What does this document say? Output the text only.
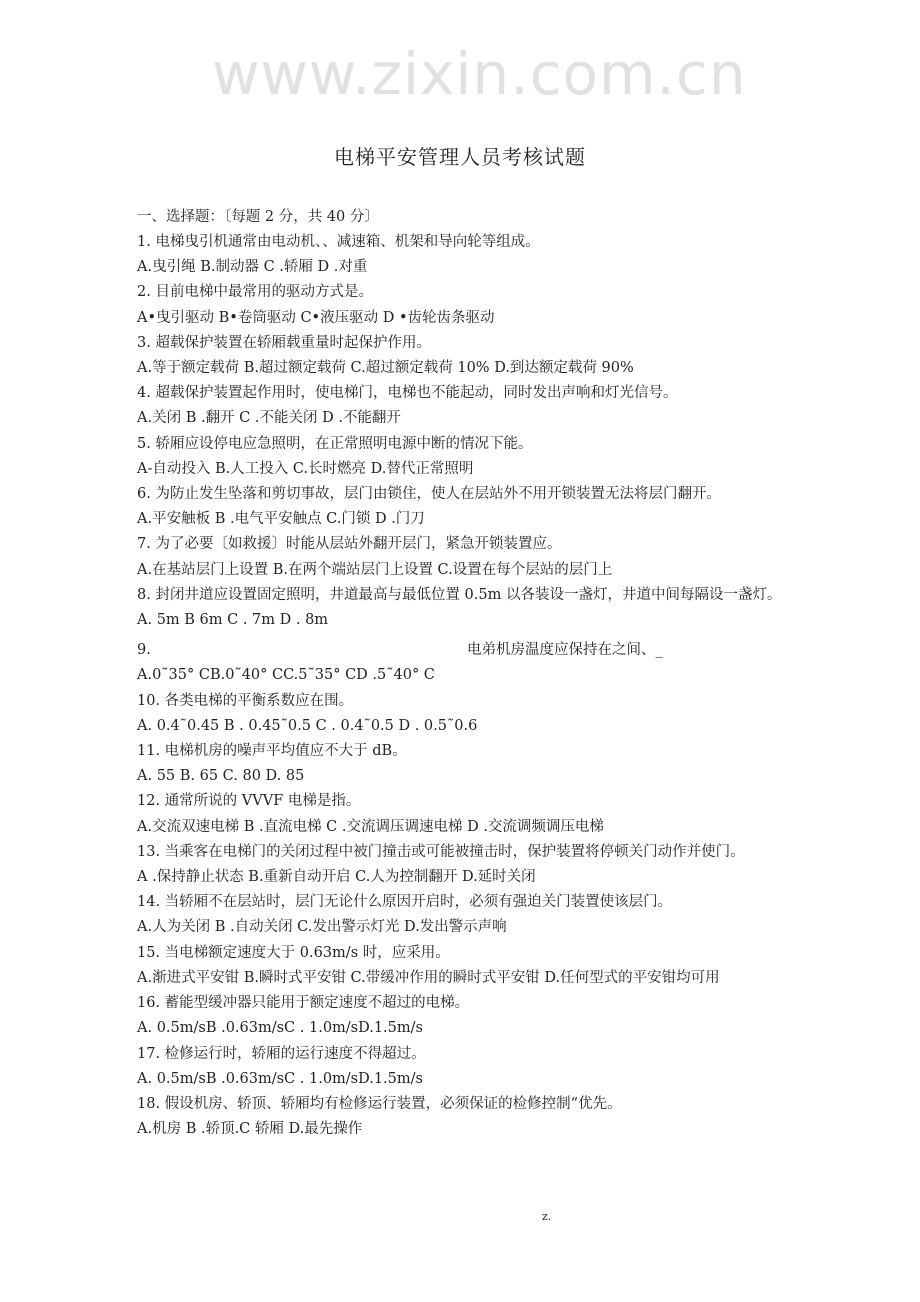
电梯平安管理人员考核试题
一、选择题：〔每题 2 分，共 40 分〕
1. 电梯曳引机通常由电动机、、减速箱、机架和导向轮等组成。
A.曳引绳 B.制动器 C .轿厢 D .对重
2. 目前电梯中最常用的驱动方式是。
A•曳引驱动 B•卷筒驱动 C•液压驱动 D •齿轮齿条驱动
3. 超载保护装置在轿厢载重量时起保护作用。
A.等于额定载荷 B.超过额定载荷 C.超过额定载荷 10% D.到达额定载荷 90%
4. 超载保护装置起作用时，使电梯门，电梯也不能起动，同时发出声响和灯光信号。
A.关闭 B .翻开 C .不能关闭 D .不能翻开
5. 轿厢应设停电应急照明，在正常照明电源中断的情况下能。
A-自动投入 B.人工投入 C.长时燃亮 D.替代正常照明
6. 为防止发生坠落和剪切事故，层门由锁住，使人在层站外不用开锁装置无法将层门翻开。
A.平安触板 B .电气平安触点 C.门锁 D .门刀
7. 为了必要〔如救援〕时能从层站外翻开层门，紧急开锁装置应。
A.在基站层门上设置 B.在两个端站层门上设置 C.设置在每个层站的层门上
8. 封闭井道应设置固定照明，井道最高与最低位置 0.5m 以各装设一盏灯，井道中间每隔设一盏灯。
A. 5m B 6m C . 7m D . 8m
9.	电弟机房温度应保持在之间、_
A.0˜35° CB.0˜40° CC.5˜35° CD .5˜40° C
10. 各类电梯的平衡系数应在围。
A. 0.4˜0.45 B . 0.45˜0.5 C . 0.4˜0.5 D . 0.5˜0.6
11. 电梯机房的噪声平均值应不大于 dB。
A. 55 B. 65 C. 80 D. 85
12. 通常所说的 VVVF 电梯是指。
A.交流双速电梯 B .直流电梯 C .交流调压调速电梯 D .交流调频调压电梯
13. 当乘客在电梯门的关闭过程中被门撞击或可能被撞击时，保护装置将停顿关门动作并使门。
A .保持静止状态 B.重新自动开启 C.人为控制翻开 D.延时关闭
14. 当轿厢不在层站时，层门无论什么原因开启时，必须有强迫关门装置使该层门。
A.人为关闭 B .自动关闭 C.发出警示灯光 D.发出警示声响
15. 当电梯额定速度大于 0.63m/s 时，应采用。
A.渐进式平安钳 B.瞬时式平安钳 C.带缓冲作用的瞬时式平安钳 D.任何型式的平安钳均可用
16. 蓄能型缓冲器只能用于额定速度不超过的电梯。
A. 0.5m/sB .0.63m/sC . 1.0m/sD.1.5m/s
17. 检修运行时，轿厢的运行速度不得超过。
A. 0.5m/sB .0.63m/sC . 1.0m/sD.1.5m/s
18. 假设机房、轿顶、轿厢均有检修运行装置，必须保证的检修控制“优先。
A.机房 B .轿顶.C 轿厢 D.最先操作
www.zixin.com.cn
z.
